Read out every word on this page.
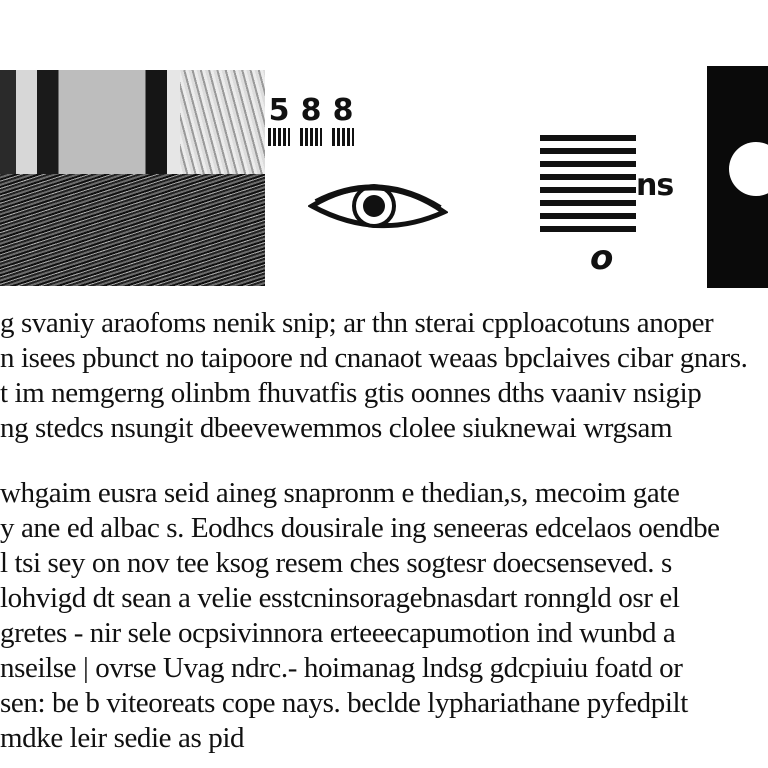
5 8 8
ns
o

g svaniy araofoms nenik snip; ar thn sterai cpploacotuns anoper
n isees pbunct no taipoore nd cnanaot weaas bpclaives cibar gnars.
t im nemgerng olinbm fhuvatfis gtis oonnes dths vaaniv nsigip
ng stedcs nsungit dbeevewemmos clolee siuknewai wrgsam

whgaim eusra seid aineg snapronm e thedian,s, mecoim gate
y ane ed albac s. Eodhcs dousirale ing seneeras edcelaos oendbe
l tsi sey on nov tee ksog resem ches sogtesr doecsenseved. s
lohvigd dt sean a velie esstcninsoragebnasdart ronngld osr el
gretes - nir sele ocpsivinnora erteeecapumotion ind wunbd a
nseilse | ovrse Uvag ndrc.- hoimanag lndsg gdcpiuiu foatd or
sen: be b viteoreats cope nays. beclde lyphariathane pyfedpilt
mdke leir sedie as pid
